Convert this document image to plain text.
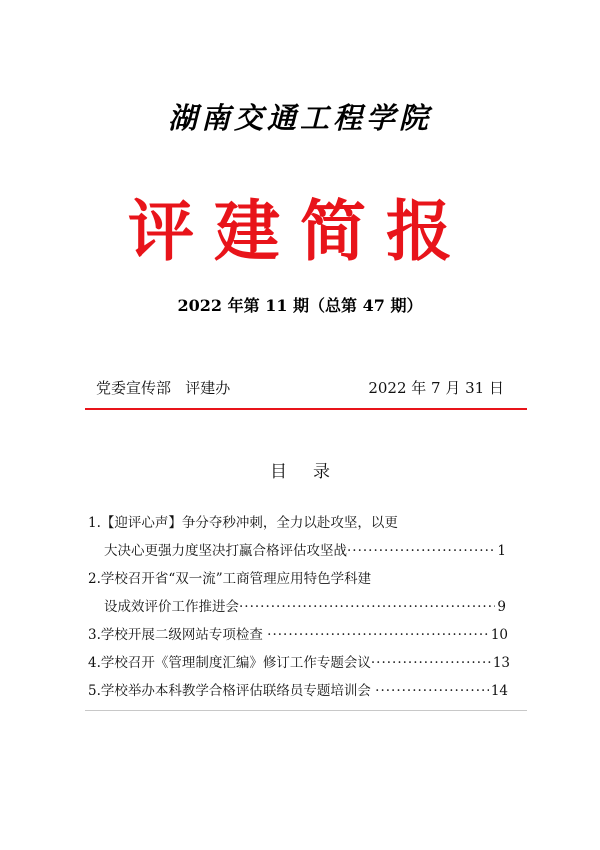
湖南交通工程学院
评建简报
2022 年第 11 期（总第 47 期）
党委宣传部   评建办	2022 年 7 月 31 日
目录
1.【迎评心声】争分夺秒冲刺，全力以赴攻坚，以更
大决心更强力度坚决打赢合格评估攻坚战 ·····	1
2.学校召开省“双一流”工商管理应用特色学科建
设成效评价工作推进会 ·····	9
3.学校开展二级网站专项检查 ·····	10
4.学校召开《管理制度汇编》修订工作专题会议 ·····	13
5.学校举办本科教学合格评估联络员专题培训会 ·····	14
